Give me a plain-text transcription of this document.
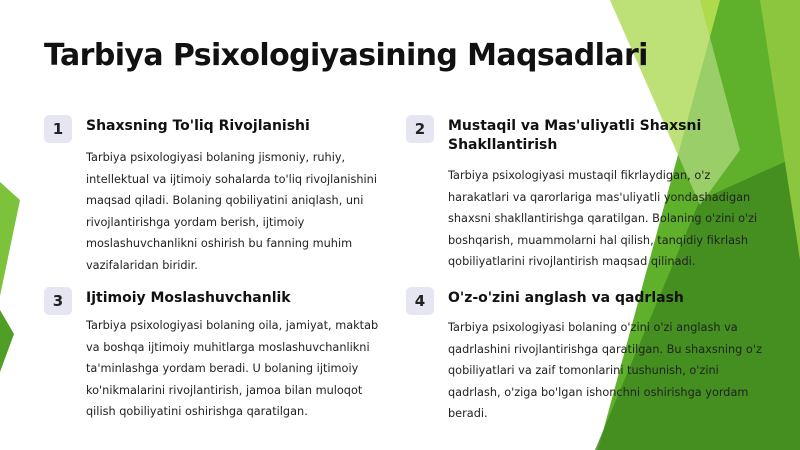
Tarbiya Psixologiyasining Maqsadlari
1	Shaxsning To'liq Rivojlanishi

Tarbiya psixologiyasi bolaning jismoniy, ruhiy, intellektual va ijtimoiy sohalarda to'liq rivojlanishini maqsad qiladi. Bolaning qobiliyatini aniqlash, uni rivojlantirishga yordam berish, ijtimoiy moslashuvchanlikni oshirish bu fanning muhim vazifalaridan biridir.

2	Mustaqil va Mas'uliyatli Shaxsni Shakllantirish

Tarbiya psixologiyasi mustaqil fikrlaydigan, o'z harakatlari va qarorlariga mas'uliyatli yondashadigan shaxsni shakllantirishga qaratilgan. Bolaning o'zini o'zi boshqarish, muammolarni hal qilish, tanqidiy fikrlash qobiliyatlarini rivojlantirish maqsad qilinadi.

3	Ijtimoiy Moslashuvchanlik

Tarbiya psixologiyasi bolaning oila, jamiyat, maktab va boshqa ijtimoiy muhitlarga moslashuvchanlikni ta'minlashga yordam beradi. U bolaning ijtimoiy ko'nikmalarini rivojlantirish, jamoa bilan muloqot qilish qobiliyatini oshirishga qaratilgan.

4	O'z-o'zini anglash va qadrlash

Tarbiya psixologiyasi bolaning o'zini o'zi anglash va qadrlashini rivojlantirishga qaratilgan. Bu shaxsning o'z qobiliyatlari va zaif tomonlarini tushunish, o'zini qadrlash, o'ziga bo'lgan ishonchni oshirishga yordam beradi.
